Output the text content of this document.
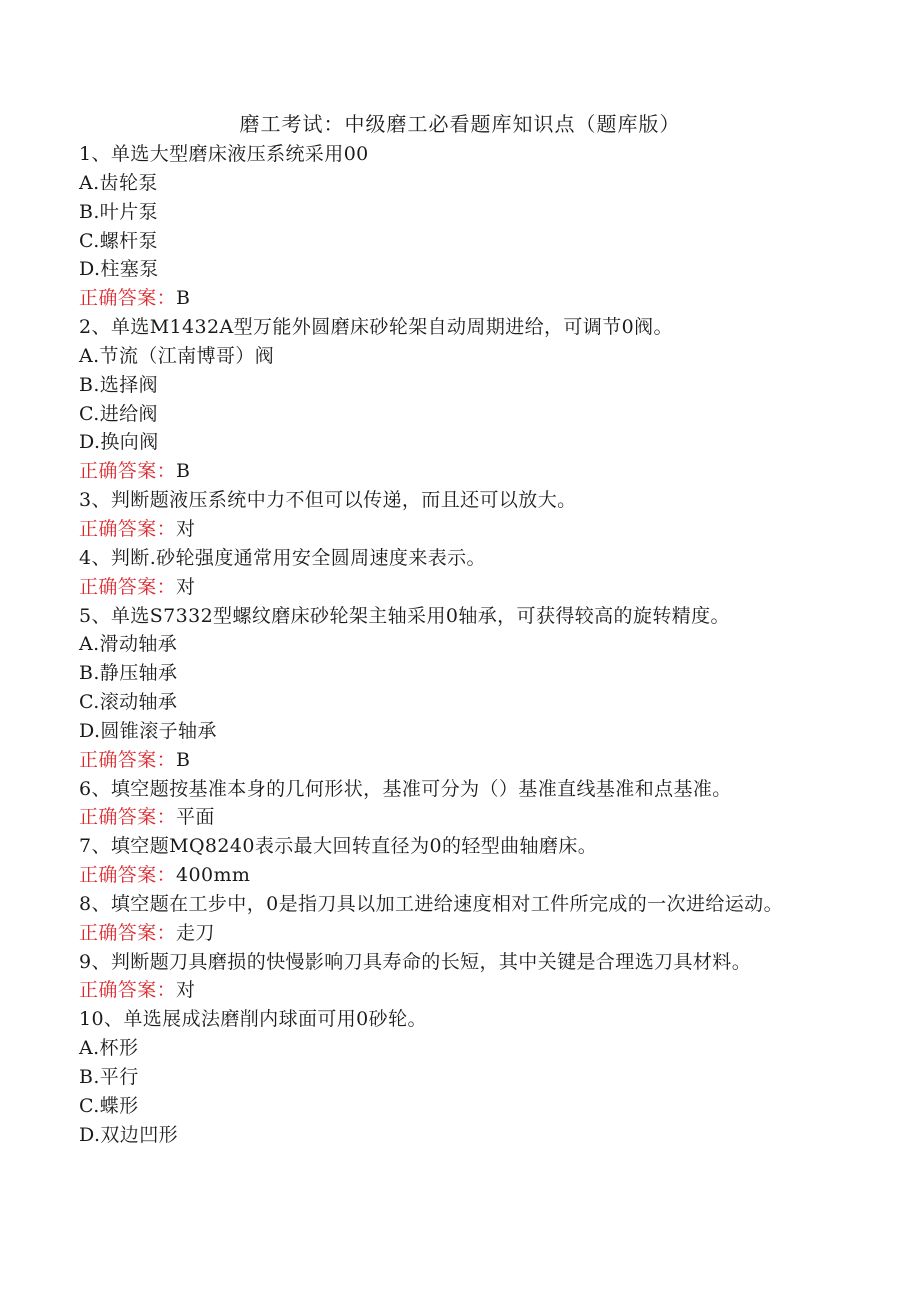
磨工考试：中级磨工必看题库知识点（题库版）
1、单选大型磨床液压系统采用00
A.齿轮泵
B.叶片泵
C.螺杆泵
D.柱塞泵
正确答案：B
2、单选M1432A型万能外圆磨床砂轮架自动周期进给，可调节0阀。
A.节流（江南博哥）阀
B.选择阀
C.进给阀
D.换向阀
正确答案：B
3、判断题液压系统中力不但可以传递，而且还可以放大。
正确答案：对
4、判断.砂轮强度通常用安全圆周速度来表示。
正确答案：对
5、单选S7332型螺纹磨床砂轮架主轴采用0轴承，可获得较高的旋转精度。
A.滑动轴承
B.静压轴承
C.滚动轴承
D.圆锥滚子轴承
正确答案：B
6、填空题按基准本身的几何形状，基准可分为（）基准直线基准和点基准。
正确答案：平面
7、填空题MQ8240表示最大回转直径为0的轻型曲轴磨床。
正确答案：400mm
8、填空题在工步中，0是指刀具以加工进给速度相对工件所完成的一次进给运动。
正确答案：走刀
9、判断题刀具磨损的快慢影响刀具寿命的长短，其中关键是合理选刀具材料。
正确答案：对
10、单选展成法磨削内球面可用0砂轮。
A.杯形
B.平行
C.蝶形
D.双边凹形
